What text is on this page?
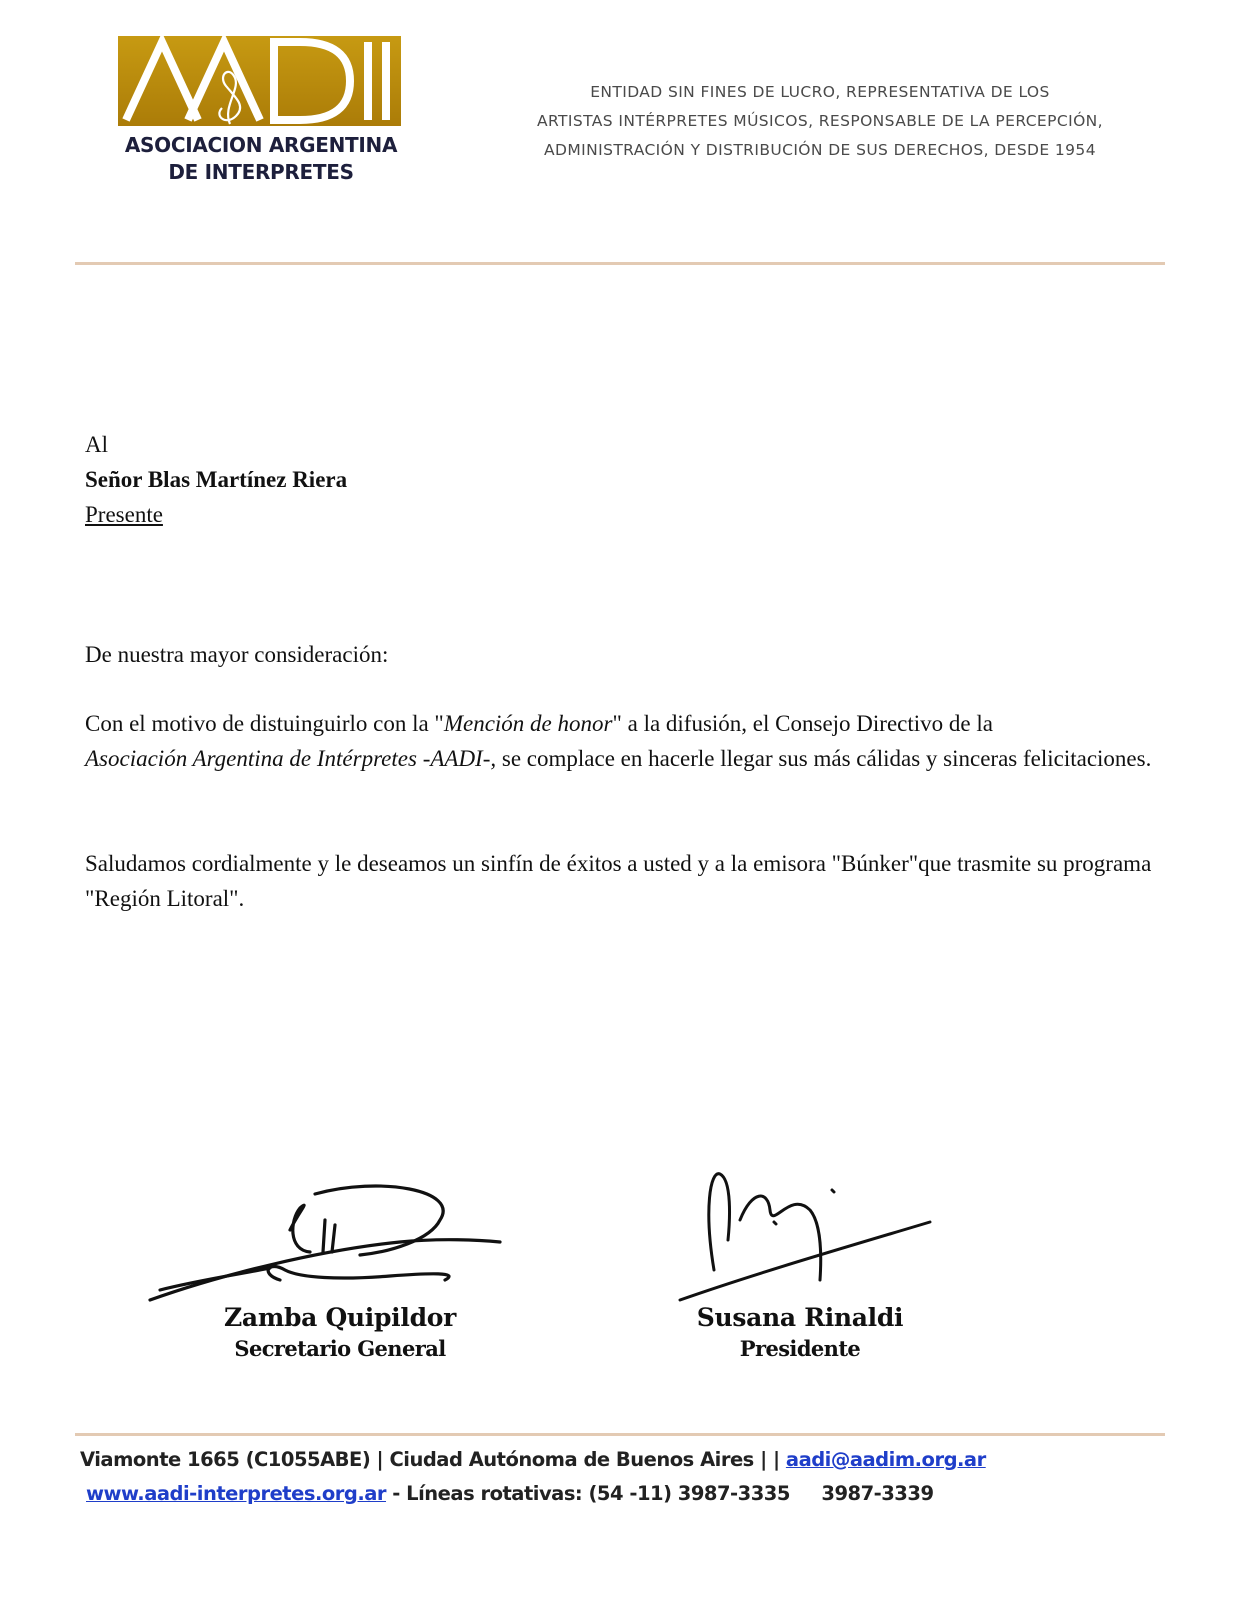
ASOCIACION ARGENTINA
DE INTERPRETES
ENTIDAD SIN FINES DE LUCRO, REPRESENTATIVA DE LOS
ARTISTAS INTÉRPRETES MÚSICOS, RESPONSABLE DE LA PERCEPCIÓN,
ADMINISTRACIÓN Y DISTRIBUCIÓN DE SUS DERECHOS, DESDE 1954
Al
Señor Blas Martínez Riera
Presente

De nuestra mayor consideración:

Con el motivo de distuinguirlo con la "Mención de honor" a la difusión, el Consejo Directivo de la
Asociación Argentina de Intérpretes -AADI-, se complace en hacerle llegar sus más cálidas y sinceras felicitaciones.

Saludamos cordialmente y le deseamos un sinfín de éxitos a usted y a la emisora "Búnker"que trasmite su programa "Región Litoral".

Zamba Quipildor
Secretario General
Susana Rinaldi
Presidente
Viamonte 1665 (C1055ABE) | Ciudad Autónoma de Buenos Aires | | aadi@aadim.org.ar
www.aadi-interpretes.org.ar - Líneas rotativas: (54 -11) 3987-3335     3987-3339
